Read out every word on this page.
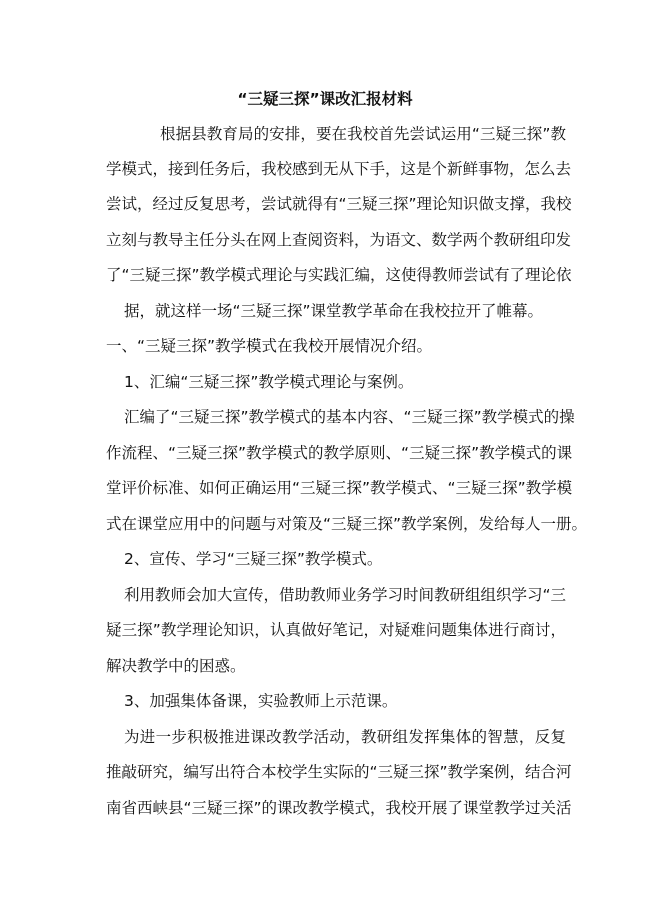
“三疑三探”课改汇报材料
根据县教育局的安排，要在我校首先尝试运用“三疑三探”教
学模式，接到任务后，我校感到无从下手，这是个新鲜事物，怎么去
尝试，经过反复思考，尝试就得有“三疑三探”理论知识做支撑，我校
立刻与教导主任分头在网上查阅资料，为语文、数学两个教研组印发
了“三疑三探”教学模式理论与实践汇编，这使得教师尝试有了理论依
据，就这样一场“三疑三探”课堂教学革命在我校拉开了帷幕。
一、“三疑三探”教学模式在我校开展情况介绍。
1、汇编“三疑三探”教学模式理论与案例。
汇编了“三疑三探”教学模式的基本内容、“三疑三探”教学模式的操
作流程、“三疑三探”教学模式的教学原则、“三疑三探”教学模式的课
堂评价标准、如何正确运用“三疑三探”教学模式、“三疑三探”教学模
式在课堂应用中的问题与对策及“三疑三探”教学案例，发给每人一册。
2、宣传、学习“三疑三探”教学模式。
利用教师会加大宣传，借助教师业务学习时间教研组组织学习“三
疑三探”教学理论知识，认真做好笔记，对疑难问题集体进行商讨，
解决教学中的困惑。
3、加强集体备课，实验教师上示范课。
为进一步积极推进课改教学活动，教研组发挥集体的智慧，反复
推敲研究，编写出符合本校学生实际的“三疑三探”教学案例，结合河
南省西峡县“三疑三探”的课改教学模式，我校开展了课堂教学过关活
